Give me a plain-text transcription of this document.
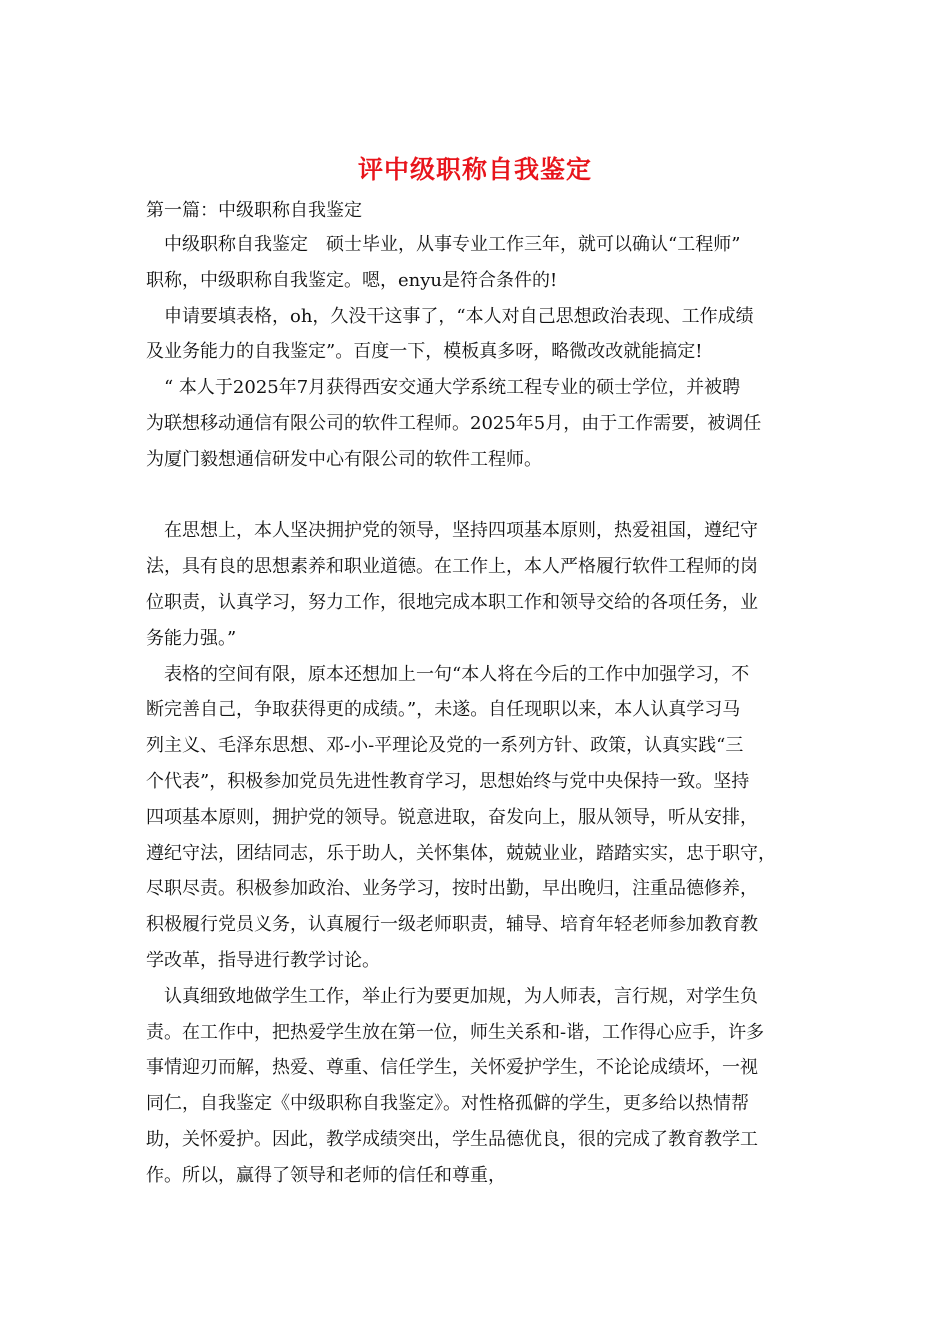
评中级职称自我鉴定
第一篇：中级职称自我鉴定
中级职称自我鉴定　硕士毕业，从事专业工作三年，就可以确认“工程师”
职称，中级职称自我鉴定。嗯，enyu是符合条件的!
申请要填表格，oh，久没干这事了，“本人对自己思想政治表现、工作成绩
及业务能力的自我鉴定”。百度一下，模板真多呀，略微改改就能搞定!
“ 本人于2025年7月获得西安交通大学系统工程专业的硕士学位，并被聘
为联想移动通信有限公司的软件工程师。2025年5月，由于工作需要，被调任
为厦门毅想通信研发中心有限公司的软件工程师。
在思想上，本人坚决拥护党的领导，坚持四项基本原则，热爱祖国，遵纪守
法，具有良的思想素养和职业道德。在工作上，本人严格履行软件工程师的岗
位职责，认真学习，努力工作，很地完成本职工作和领导交给的各项任务，业
务能力强。”
表格的空间有限，原本还想加上一句“本人将在今后的工作中加强学习，不
断完善自己，争取获得更的成绩。”，未遂。自任现职以来，本人认真学习马
列主义、毛泽东思想、邓-小-平理论及党的一系列方针、政策，认真实践“三
个代表”，积极参加党员先进性教育学习，思想始终与党中央保持一致。坚持
四项基本原则，拥护党的领导。锐意进取，奋发向上，服从领导，听从安排，
遵纪守法，团结同志，乐于助人，关怀集体，兢兢业业，踏踏实实，忠于职守，
尽职尽责。积极参加政治、业务学习，按时出勤，早出晚归，注重品德修养，
积极履行党员义务，认真履行一级老师职责，辅导、培育年轻老师参加教育教
学改革，指导进行教学讨论。
认真细致地做学生工作，举止行为要更加规，为人师表，言行规，对学生负
责。在工作中，把热爱学生放在第一位，师生关系和-谐，工作得心应手，许多
事情迎刃而解，热爱、尊重、信任学生，关怀爱护学生，不论论成绩坏，一视
同仁，自我鉴定《中级职称自我鉴定》。对性格孤僻的学生，更多给以热情帮
助，关怀爱护。因此，教学成绩突出，学生品德优良，很的完成了教育教学工
作。所以，赢得了领导和老师的信任和尊重，
